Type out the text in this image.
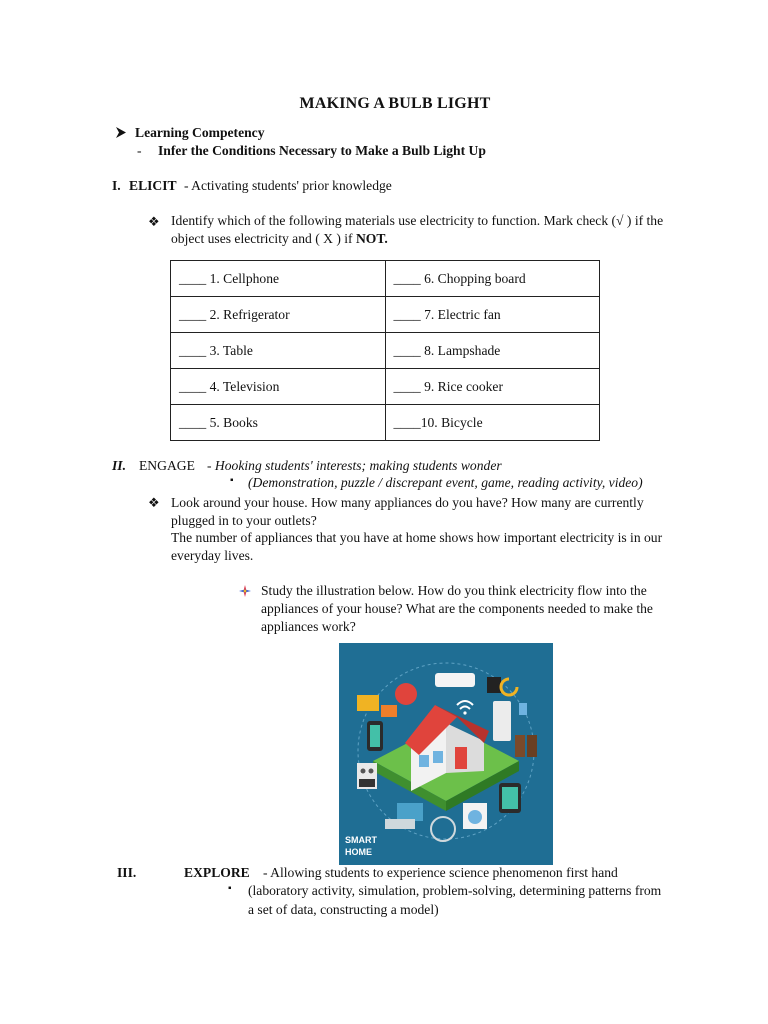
MAKING A BULB LIGHT
Learning Competency
- Infer the Conditions Necessary to Make a Bulb Light Up
I. ELICIT - Activating students' prior knowledge
❖ Identify which of the following materials use electricity to function. Mark check (√ ) if the
object uses electricity and ( X ) if NOT.
____ 1. Cellphone	____ 6. Chopping board
____ 2. Refrigerator	____ 7. Electric fan
____ 3. Table	____ 8. Lampshade
____ 4. Television	____ 9. Rice cooker
____ 5. Books	____10. Bicycle
II. ENGAGE - Hooking students' interests; making students wonder
▪ (Demonstration, puzzle / discrepant event, game, reading activity, video)
❖ Look around your house. How many appliances do you have? How many are currently
plugged in to your outlets?
The number of appliances that you have at home shows how important electricity is in our
everyday lives.
Study the illustration below. How do you think electricity flow into the
appliances of your house? What are the components needed to make the
appliances work?
SMART
HOME
III.	EXPLORE - Allowing students to experience science phenomenon first hand
▪ (laboratory activity, simulation, problem-solving, determining patterns from
a set of data, constructing a model)
